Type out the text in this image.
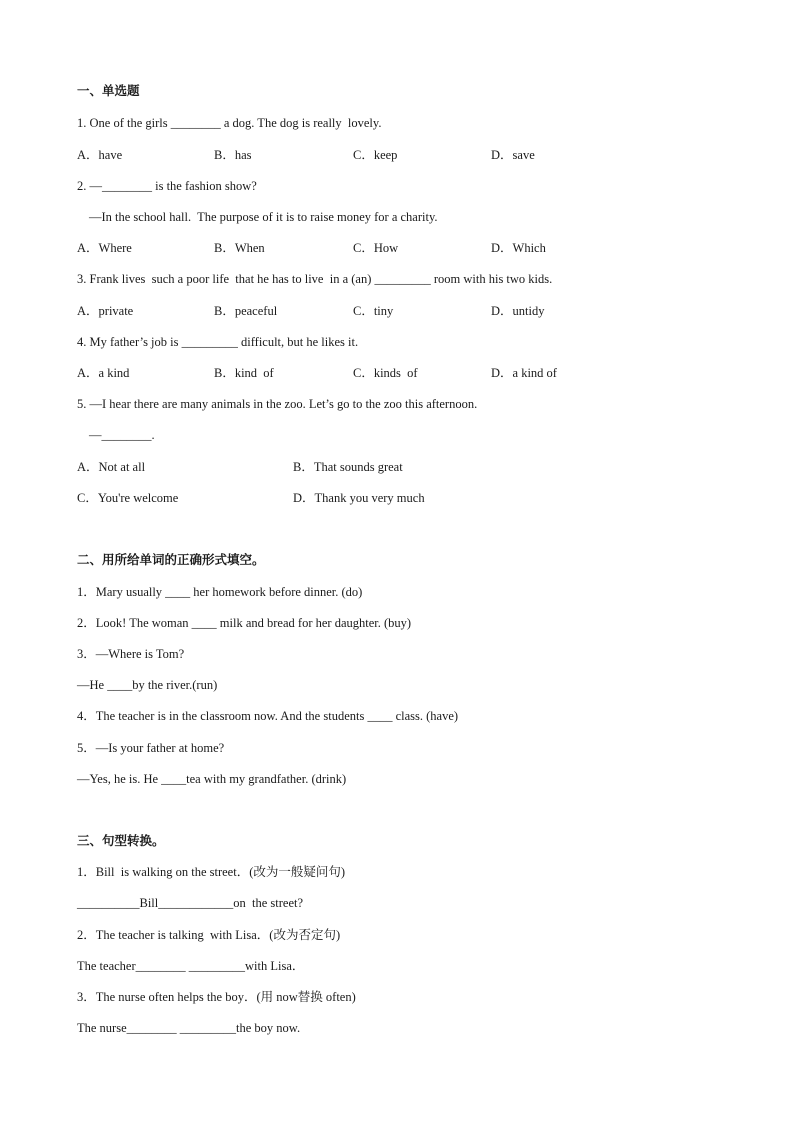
一、单选题
1. One of the girls ________ a dog. The dog is really  lovely.
A．have	B．has	C．keep	D．save
2. —________ is the fashion show?
—In the school hall.  The purpose of it is to raise money for a charity.
A．Where	B．When	C．How	D．Which
3. Frank lives  such a poor life  that he has to live  in a (an) _________ room with his two kids.
A．private	B．peaceful	C．tiny	D．untidy
4. My father’s job is _________ difficult, but he likes it.
A．a kind	B．kind  of	C．kinds  of	D．a kind of
5. —I hear there are many animals in the zoo. Let’s go to the zoo this afternoon.
—________.
A．Not at all	B．That sounds great
C．You're welcome	D．Thank you very much
二、用所给单词的正确形式填空。
1．Mary usually ____ her homework before dinner. (do)
2．Look! The woman ____ milk and bread for her daughter. (buy)
3．—Where is Tom?
—He ____by the river.(run)
4．The teacher is in the classroom now. And the students ____ class. (have)
5．—Is your father at home?
—Yes, he is. He ____tea with my grandfather. (drink)
三、句型转换。
1．Bill  is walking on the street．(改为一般疑问句)
__________Bill____________on  the street?
2．The teacher is talking  with Lisa．(改为否定句)
The teacher________ _________with Lisa．
3．The nurse often helps the boy．(用 now替换 often)
The nurse________ _________the boy now.
